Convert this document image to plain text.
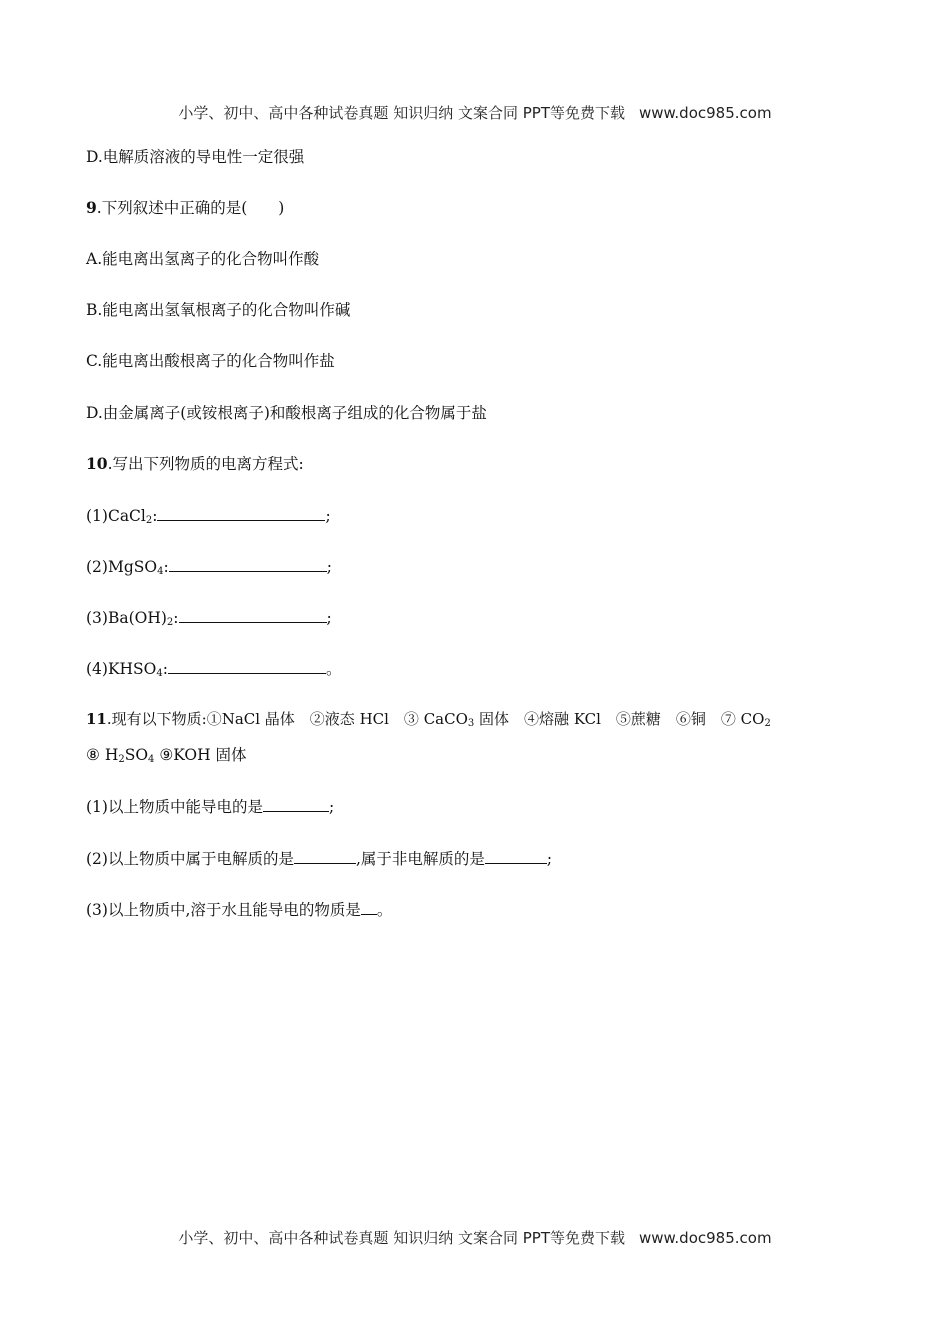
小学、初中、高中各种试卷真题 知识归纳 文案合同 PPT等免费下载 www.doc985.com
D.电解质溶液的导电性一定很强
9.下列叙述中正确的是(　　)
A.能电离出氢离子的化合物叫作酸
B.能电离出氢氧根离子的化合物叫作碱
C.能电离出酸根离子的化合物叫作盐
D.由金属离子(或铵根离子)和酸根离子组成的化合物属于盐
10.写出下列物质的电离方程式:
(1)CaCl$_2$:	;
(2)MgSO$_4$:	;
$(3)Ba(OH)_2$:	;
$(4)KHSO_4$:	。
11.现有以下物质:①NaCl 晶体　②液态 HCl　③ CaCO$_3$ 固体　④熔融 KCl　⑤蔗糖　⑥铜　⑦ $CO_2$
⑧ $H_2SO_4$ ⑨KOH 固体
(1)以上物质中能导电的是	;
(2)以上物质中属于电解质的是	,属于非电解质的是	;
(3)以上物质中,溶于水且能导电的物质是 。
小学、初中、高中各种试卷真题 知识归纳 文案合同 PPT等免费下载 www.doc985.com
